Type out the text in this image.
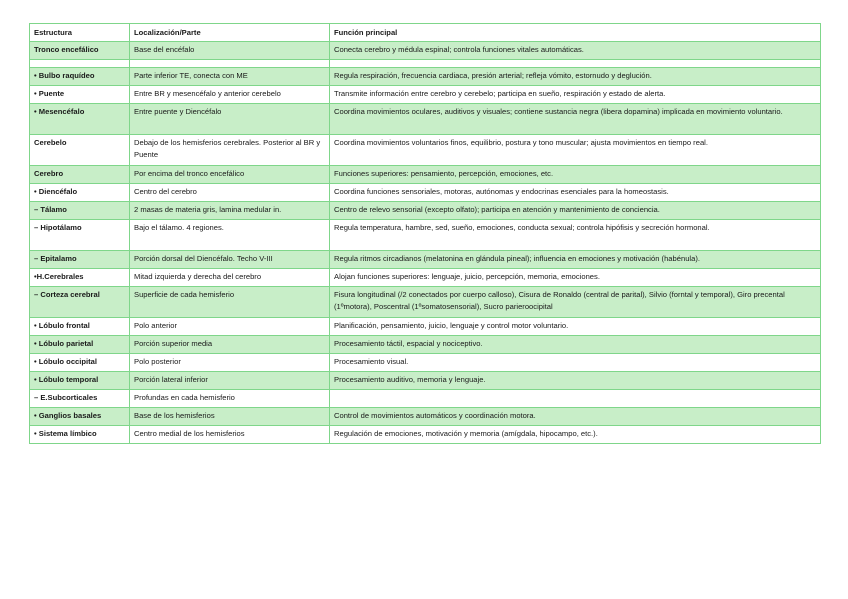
Estructura	Localización/Parte	Función principal
Tronco encefálico	Base del encéfalo	Conecta cerebro y médula espinal; controla funciones vitales automáticas.

• Bulbo raquídeo	Parte inferior TE, conecta con ME	Regula respiración, frecuencia cardiaca, presión arterial; refleja vómito, estornudo y deglución.
• Puente	Entre BR y mesencéfalo y anterior cerebelo	Transmite información entre cerebro y cerebelo; participa en sueño, respiración y estado de alerta.
• Mesencéfalo	Entre puente y Diencéfalo	Coordina movimientos oculares, auditivos y visuales; contiene sustancia negra (libera dopamina) implicada en movimiento voluntario.
Cerebelo	Debajo de los hemisferios cerebrales. Posterior al BR y Puente	Coordina movimientos voluntarios finos, equilibrio, postura y tono muscular; ajusta movimientos en tiempo real.
Cerebro	Por encima del tronco encefálico	Funciones superiores: pensamiento, percepción, emociones, etc.
• Diencéfalo	Centro del cerebro	Coordina funciones sensoriales, motoras, autónomas y endocrinas esenciales para la homeostasis.
– Tálamo	2 masas de materia gris, lamina medular in.	Centro de relevo sensorial (excepto olfato); participa en atención y mantenimiento de conciencia.
– Hipotálamo	Bajo el tálamo. 4 regiones.	Regula temperatura, hambre, sed, sueño, emociones, conducta sexual; controla hipófisis y secreción hormonal.
– Epitalamo	Porción dorsal del Diencéfalo. Techo V-III	Regula ritmos circadianos (melatonina en glándula pineal); influencia en emociones y motivación (habénula).
•H.Cerebrales	Mitad izquierda y derecha del cerebro	Alojan funciones superiores: lenguaje, juicio, percepción, memoria, emociones.
– Corteza cerebral	Superficie de cada hemisferio	Fisura longitudinal (/2 conectados por cuerpo calloso), Cisura de Ronaldo (central de parital), Silvio (forntal y temporal), Giro precental (1ºmotora), Poscentral (1ºsomatosensorial), Sucro parieroocipital
• Lóbulo frontal	Polo anterior	Planificación, pensamiento, juicio, lenguaje y control motor voluntario.
• Lóbulo parietal	Porción superior media	Procesamiento táctil, espacial y nociceptivo.
• Lóbulo occipital	Polo posterior	Procesamiento visual.
• Lóbulo temporal	Porción lateral inferior	Procesamiento auditivo, memoria y lenguaje.
– E.Subcorticales	Profundas en cada hemisferio	
• Ganglios basales	Base de los hemisferios	Control de movimientos automáticos y coordinación motora.
• Sistema límbico	Centro medial de los hemisferios	Regulación de emociones, motivación y memoria (amígdala, hipocampo, etc.).
